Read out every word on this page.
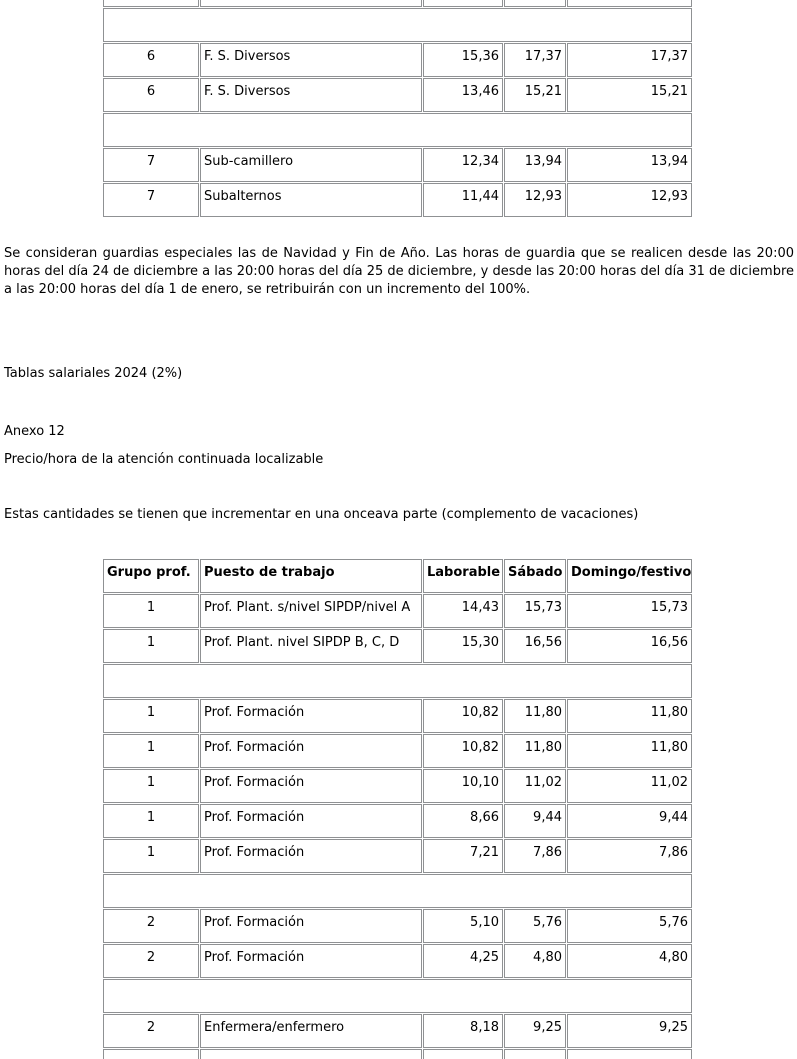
6	F. S. Diversos	15,36	17,37	17,37
6	F. S. Diversos	13,46	15,21	15,21

7	Sub-camillero	12,34	13,94	13,94
7	Subalternos	11,44	12,93	12,93

Se consideran guardias especiales las de Navidad y Fin de Año. Las horas de guardia que se realicen desde las 20:00 horas del día 24 de diciembre a las 20:00 horas del día 25 de diciembre, y desde las 20:00 horas del día 31 de diciembre a las 20:00 horas del día 1 de enero, se retribuirán con un incremento del 100%.

Tablas salariales 2024 (2%)

Anexo 12

Precio/hora de la atención continuada localizable

Estas cantidades se tienen que incrementar en una onceava parte (complemento de vacaciones)

Grupo prof.	Puesto de trabajo	Laborable	Sábado	Domingo/festivo
1	Prof. Plant. s/nivel SIPDP/nivel A	14,43	15,73	15,73
1	Prof. Plant. nivel SIPDP B, C, D	15,30	16,56	16,56

1	Prof. Formación	10,82	11,80	11,80
1	Prof. Formación	10,82	11,80	11,80
1	Prof. Formación	10,10	11,02	11,02
1	Prof. Formación	8,66	9,44	9,44
1	Prof. Formación	7,21	7,86	7,86

2	Prof. Formación	5,10	5,76	5,76
2	Prof. Formación	4,25	4,80	4,80

2	Enfermera/enfermero	8,18	9,25	9,25
